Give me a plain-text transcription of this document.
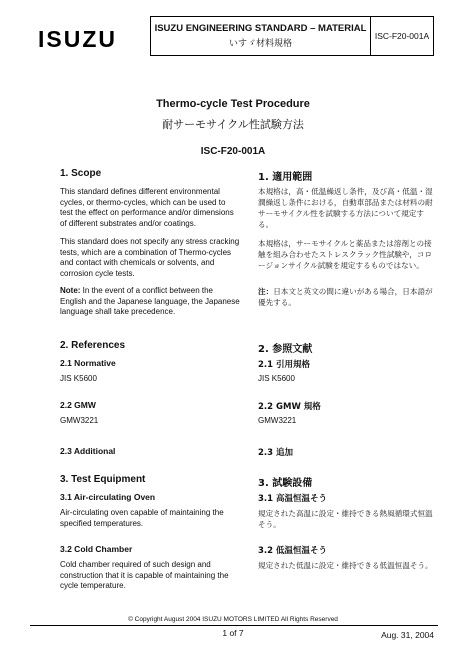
ISUZU	ISUZU ENGINEERING STANDARD – MATERIAL
いすゞ材料規格
ISC-F20-001A
Thermo-cycle Test Procedure
耐サーモサイクル性試験方法
ISC-F20-001A
1. Scope
This standard defines different environmental cycles, or thermo-cycles, which can be used to test the effect on performance and/or dimensions of different substrates and/or coatings.
This standard does not specify any stress cracking tests, which are a combination of Thermo-cycles and contact with chemicals or solvents, and corrosion cycle tests.
Note: In the event of a conflict between the English and the Japanese language, the Japanese language shall take precedence.
2. References
2.1 Normative
JIS K5600
2.2 GMW
GMW3221
2.3 Additional
3. Test Equipment
3.1 Air-circulating Oven
Air-circulating oven capable of maintaining the specified temperatures.
3.2 Cold Chamber
Cold chamber required of such design and construction that it is capable of maintaining the cycle temperature.
1. 適用範囲
本規格は，高・低温繰返し条件，及び高・低温・湿潤繰返し条件における，自動車部品または材料の耐サーモサイクル性を試験する方法について規定する。
本規格は，サーモサイクルと薬品または溶剤との接触を組み合わせたストレスクラック性試験や，コロージョンサイクル試験を規定するものではない。
注：日本文と英文の間に違いがある場合，日本語が優先する。
2. 参照文献
2.1 引用規格
JIS K5600
2.2 GMW 規格
GMW3221
2.3 追加
3. 試験設備
3.1 高温恒温そう
規定された高温に設定・維持できる熱風循環式恒温そう。
3.2 低温恒温そう
規定された低温に設定・維持できる低温恒温そう。
© Copyright August 2004 ISUZU MOTORS LIMITED All Rights Reserved
1 of 7	Aug. 31, 2004
